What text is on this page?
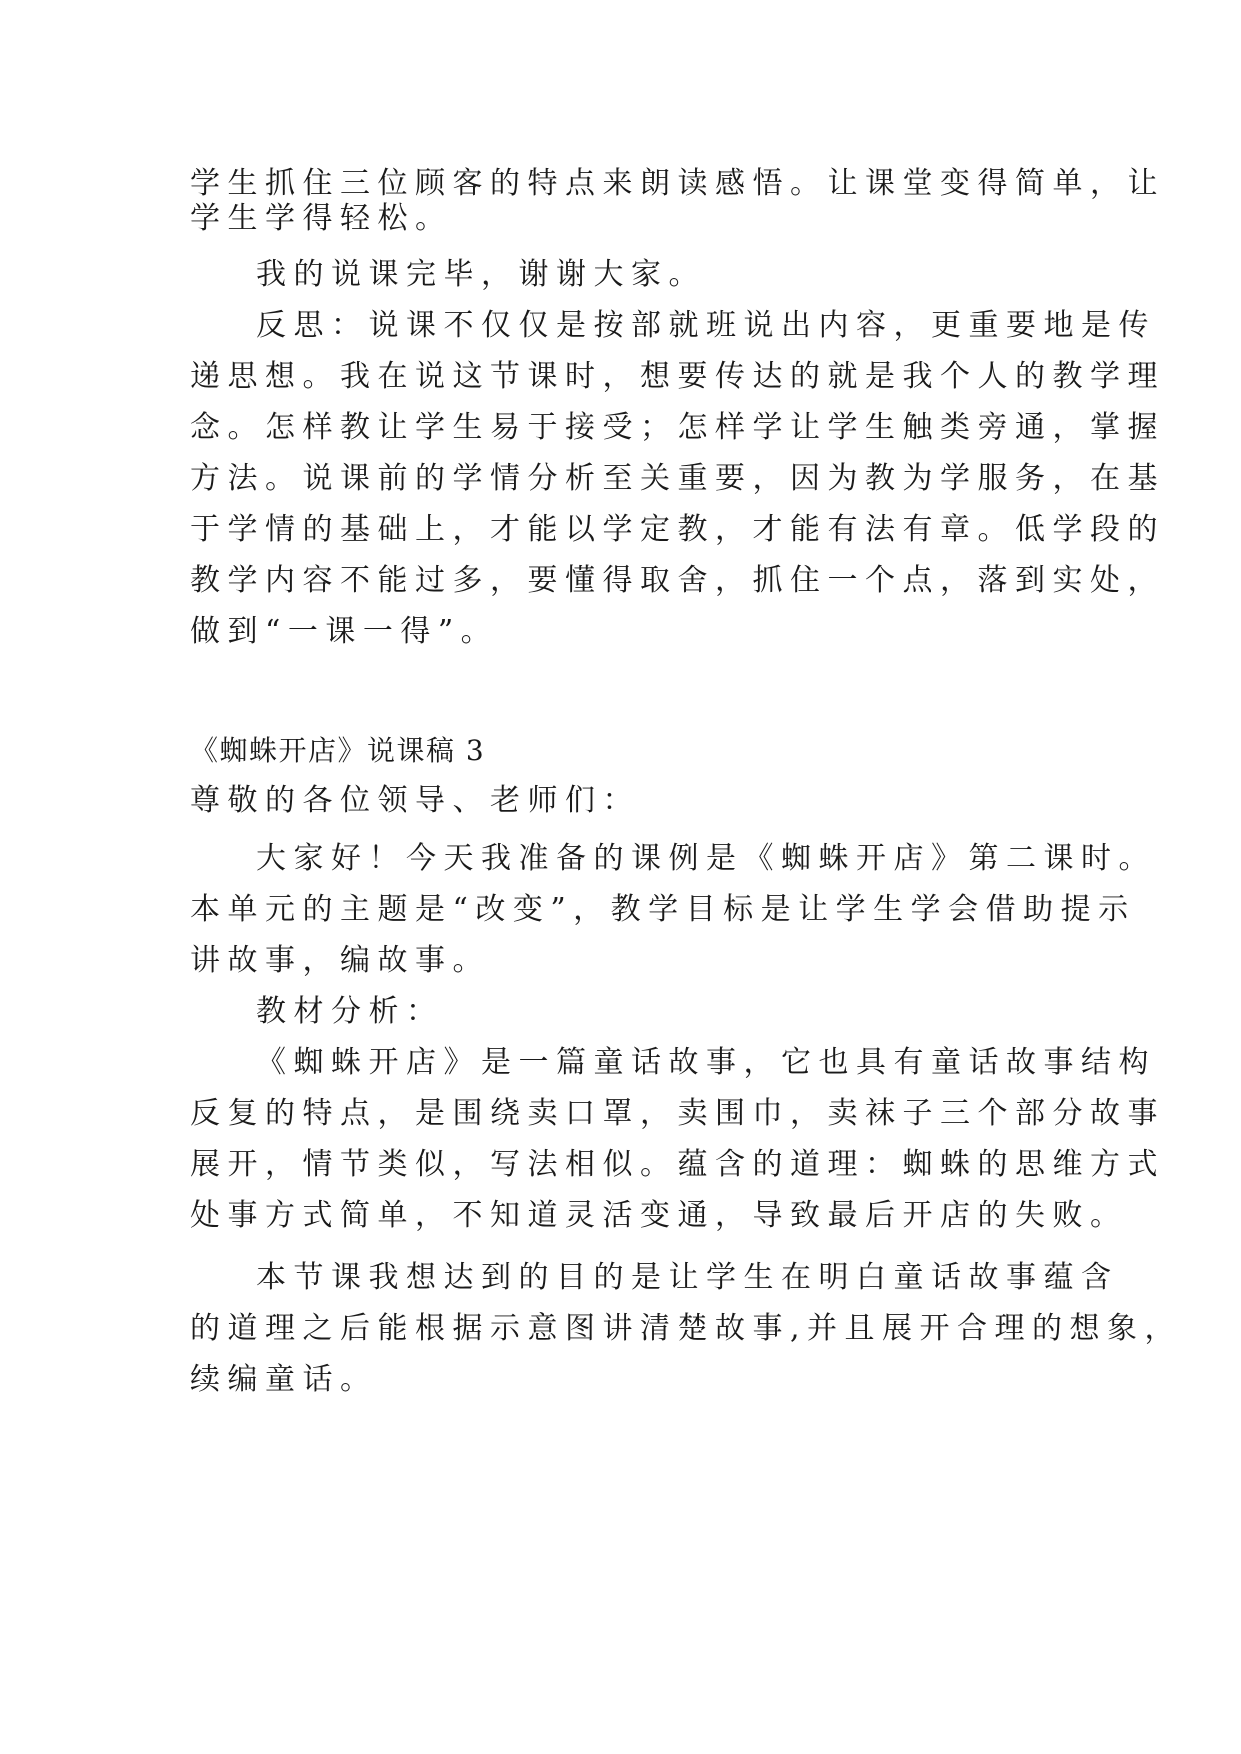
学生抓住三位顾客的特点来朗读感悟。让课堂变得简单，让
学生学得轻松。
我的说课完毕，谢谢大家。
反思：说课不仅仅是按部就班说出内容，更重要地是传
递思想。我在说这节课时，想要传达的就是我个人的教学理
念。怎样教让学生易于接受；怎样学让学生触类旁通，掌握
方法。说课前的学情分析至关重要，因为教为学服务，在基
于学情的基础上，才能以学定教，才能有法有章。低学段的
教学内容不能过多，要懂得取舍，抓住一个点，落到实处，
做到“一课一得”。
《蜘蛛开店》说课稿 3
尊敬的各位领导、老师们：
大家好！今天我准备的课例是《蜘蛛开店》第二课时。
本单元的主题是“改变”，教学目标是让学生学会借助提示
讲故事，编故事。
教材分析：
《蜘蛛开店》是一篇童话故事，它也具有童话故事结构
反复的特点，是围绕卖口罩，卖围巾，卖袜子三个部分故事
展开，情节类似，写法相似。蕴含的道理：蜘蛛的思维方式
处事方式简单，不知道灵活变通，导致最后开店的失败。
本节课我想达到的目的是让学生在明白童话故事蕴含
的道理之后能根据示意图讲清楚故事,并且展开合理的想象，
续编童话。
